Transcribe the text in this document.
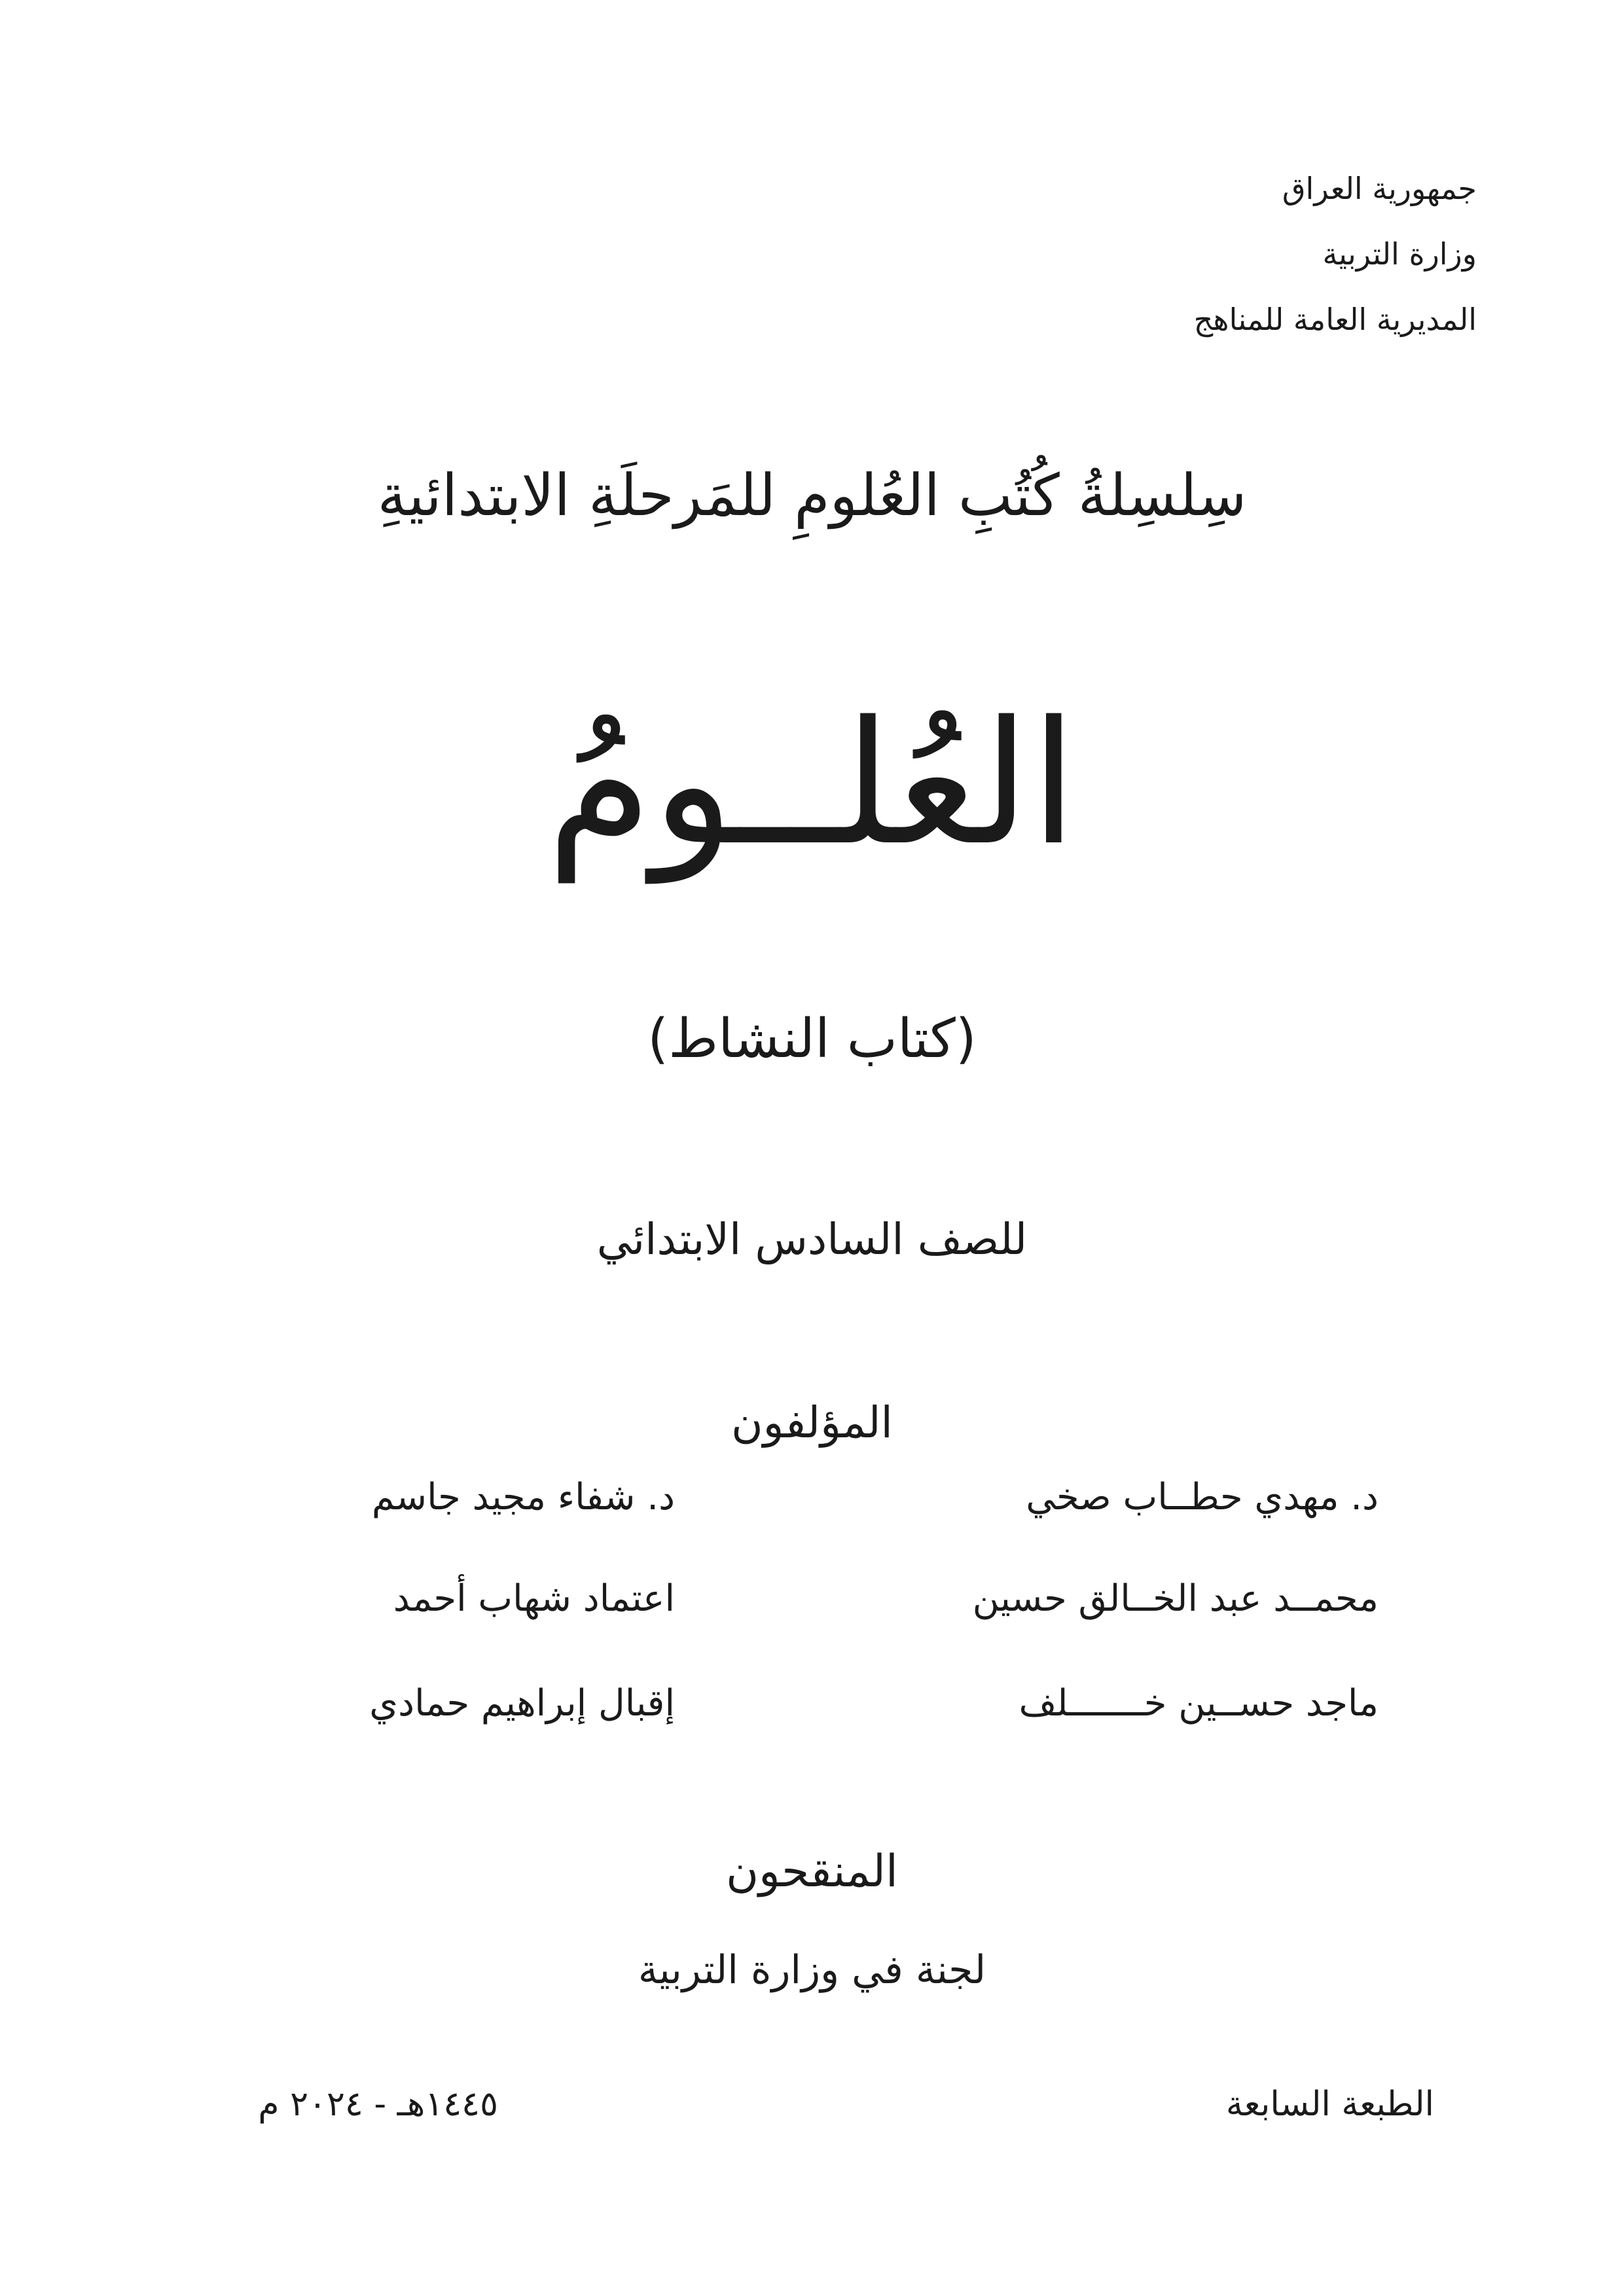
جمهورية العراق
وزارة التربية
المديرية العامة للمناهج
سِلسِلةُ كُتُبِ العُلومِ للمَرحلَةِ الابتدائيةِ
العُلــومُ
(كتاب النشاط)
للصف السادس الابتدائي
المؤلفون
د. مهدي حطــاب صخي
د. شفاء مجيد جاسم
محمــد عبد الخــالق حسين
اعتماد شهاب أحمد
ماجد حســين خـــــــلف
إقبال إبراهيم حمادي
المنقحون
لجنة في وزارة التربية
الطبعة السابعة
١٤٤٥هـ - ٢٠٢٤ م
